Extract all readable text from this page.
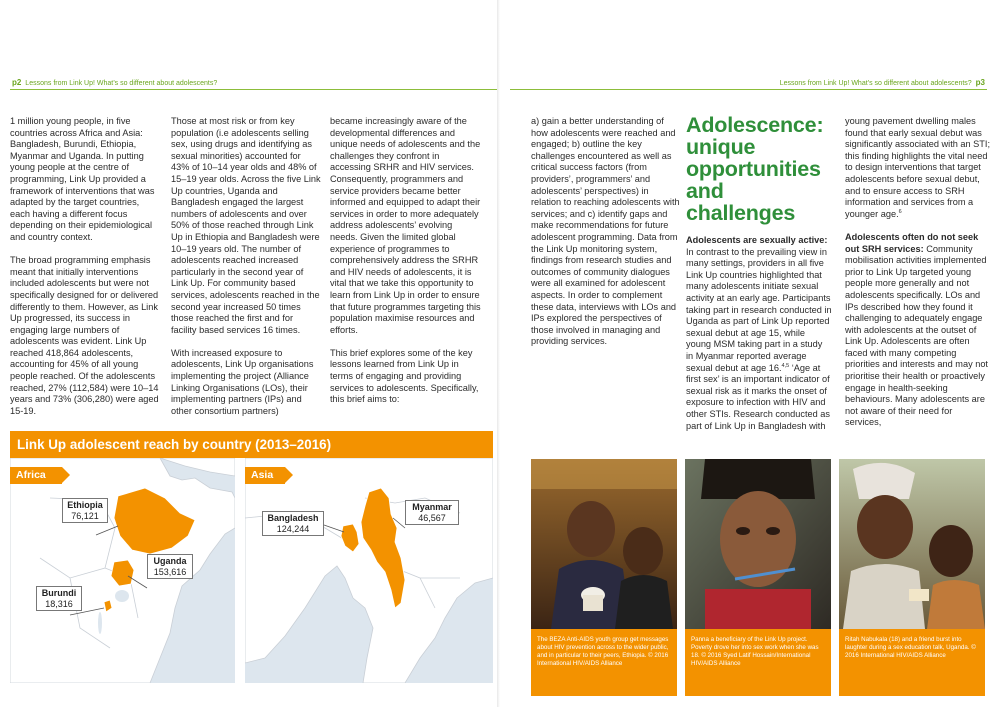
p2 Lessons from Link Up! What’s so different about adolescents?

1 million young people, in five countries across Africa and Asia: Bangladesh, Burundi, Ethiopia, Myanmar and Uganda. In putting young people at the centre of programming, Link Up provided a framework of interventions that was adapted by the target countries, each having a different focus depending on their epidemiological and country context.

The broad programming emphasis meant that initially interventions included adolescents but were not specifically designed for or delivered differently to them. However, as Link Up progressed, its success in engaging large numbers of adolescents was evident. Link Up reached 418,864 adolescents, accounting for 45% of all young people reached. Of the adolescents reached, 27% (112,584) were 10–14 years and 73% (306,280) were aged 15-19.

Those at most risk or from key population (i.e adolescents selling sex, using drugs and identifying as sexual minorities) accounted for 43% of 10–14 year olds and 48% of 15–19 year olds. Across the five Link Up countries, Uganda and Bangladesh engaged the largest numbers of adolescents and over 50% of those reached through Link Up in Ethiopia and Bangladesh were 10–19 years old. The number of adolescents reached increased particularly in the second year of Link Up. For community based services, adolescents reached in the second year increased 50 times those reached the first and for facility based services 16 times.

With increased exposure to adolescents, Link Up organisations implementing the project (Alliance Linking Organisations (LOs), their implementing partners (IPs) and other consortium partners)

became increasingly aware of the developmental differences and unique needs of adolescents and the challenges they confront in accessing SRHR and HIV services. Consequently, programmers and service providers became better informed and equipped to adapt their services in order to more adequately address adolescents’ evolving needs. Given the limited global experience of programmes to comprehensively address the SRHR and HIV needs of adolescents, it is vital that we take this opportunity to learn from Link Up in order to ensure that future programmes targeting this population maximise resources and efforts.

This brief explores some of the key lessons learned from Link Up in terms of engaging and providing services to adolescents. Specifically, this brief aims to:

Link Up adolescent reach by country (2013–2016)
Africa	Asia
Ethiopia
76,121
Uganda
153,616
Burundi
18,316
Bangladesh
124,244
Myanmar
46,567
Lessons from Link Up! What’s so different about adolescents? p3

a) gain a better understanding of how adolescents were reached and engaged; b) outline the key challenges encountered as well as critical success factors (from providers’, programmers’ and adolescents’ perspectives) in relation to reaching adolescents with services; and c) identify gaps and make recommendations for future adolescent programming. Data from the Link Up monitoring system, findings from research studies and outcomes of community dialogues were all examined for adolescent aspects. In order to complement these data, interviews with LOs and IPs explored the perspectives of those involved in managing and providing services.

Adolescence: unique opportunities and challenges

Adolescents are sexually active: In contrast to the prevailing view in many settings, providers in all five Link Up countries highlighted that many adolescents initiate sexual activity at an early age. Participants taking part in research conducted in Uganda as part of Link Up reported sexual debut at age 15, while young MSM taking part in a study in Myanmar reported average sexual debut at age 16.$^{4,5}$ ‘Age at first sex’ is an important indicator of sexual risk as it marks the onset of exposure to infection with HIV and other STIs. Research conducted as part of Link Up in Bangladesh with

young pavement dwelling males found that early sexual debut was significantly associated with an STI; this finding highlights the vital need to design interventions that target adolescents before sexual debut, and to ensure access to SRH information and services from a younger age.$^6$

Adolescents often do not seek out SRH services: Community mobilisation activities implemented prior to Link Up targeted young people more generally and not adolescents specifically. LOs and IPs described how they found it challenging to adequately engage with adolescents at the outset of Link Up. Adolescents are often faced with many competing priorities and interests and may not prioritise their health or proactively engage in health-seeking behaviours. Many adolescents are not aware of their need for services,

The BEZA Anti-AIDS youth group get messages about HIV prevention across to the wider public, and in particular to their peers, Ethiopia. © 2016 International HIV/AIDS Alliance
Panna a beneficiary of the Link Up project. Poverty drove her into sex work when she was 18. © 2016 Syed Latif Hossain/International HIV/AIDS Alliance
Ritah Nabukala (18) and a friend burst into laughter during a sex education talk, Uganda. © 2016 International HIV/AIDS Alliance
